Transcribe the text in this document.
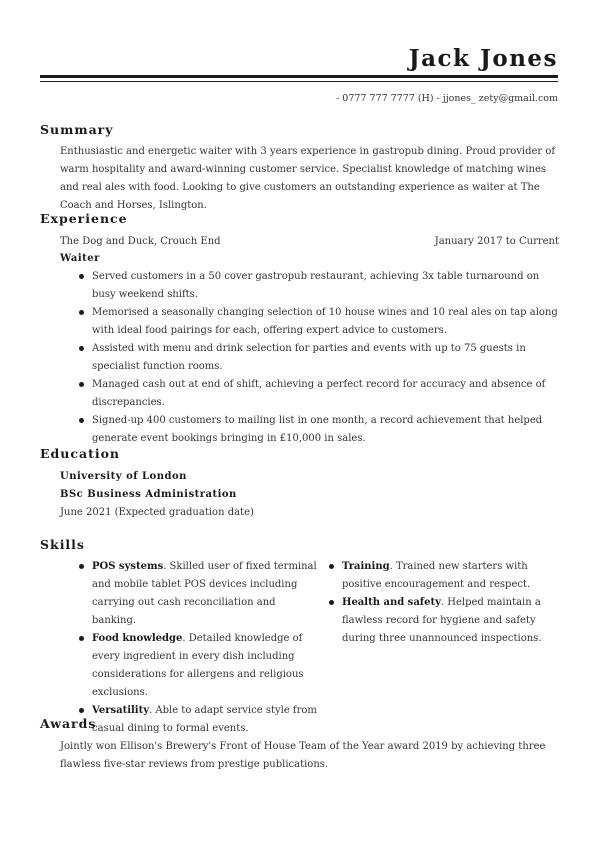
Jack Jones
- 0777 777 7777 (H) - jjones_ zety@gmail.com
Summary
Enthusiastic and energetic waiter with 3 years experience in gastropub dining. Proud provider of warm hospitality and award-winning customer service. Specialist knowledge of matching wines and real ales with food. Looking to give customers an outstanding experience as waiter at The Coach and Horses, Islington.
Experience
The Dog and Duck, Crouch End	January 2017 to Current
Waiter
Served customers in a 50 cover gastropub restaurant, achieving 3x table turnaround on busy weekend shifts.
Memorised a seasonally changing selection of 10 house wines and 10 real ales on tap along with ideal food pairings for each, offering expert advice to customers.
Assisted with menu and drink selection for parties and events with up to 75 guests in specialist function rooms.
Managed cash out at end of shift, achieving a perfect record for accuracy and absence of discrepancies.
Signed-up 400 customers to mailing list in one month, a record achievement that helped generate event bookings bringing in £10,000 in sales.
Education
University of London
BSc Business Administration
June 2021 (Expected graduation date)
Skills
POS systems. Skilled user of fixed terminal and mobile tablet POS devices including carrying out cash reconciliation and banking.
Food knowledge. Detailed knowledge of every ingredient in every dish including considerations for allergens and religious exclusions.
Versatility. Able to adapt service style from casual dining to formal events.
Training. Trained new starters with positive encouragement and respect.
Health and safety. Helped maintain a flawless record for hygiene and safety during three unannounced inspections.
Awards
Jointly won Ellison's Brewery's Front of House Team of the Year award 2019 by achieving three flawless five-star reviews from prestige publications.
